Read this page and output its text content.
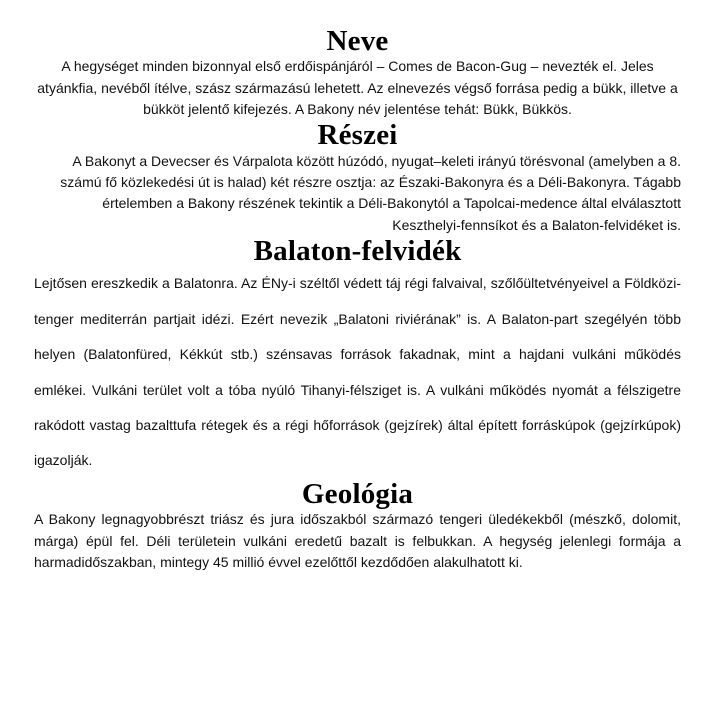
Neve

A hegységet minden bizonnyal első erdőispánjáról – Comes de Bacon-Gug – nevezték el. Jeles atyánkfia, nevéből ítélve, szász származású lehetett. Az elnevezés végső forrása pedig a bükk, illetve a bükköt jelentő kifejezés. A Bakony név jelentése tehát: Bükk, Bükkös.

Részei

A Bakonyt a Devecser és Várpalota között húzódó, nyugat–keleti irányú törésvonal (amelyben a 8. számú fő közlekedési út is halad) két részre osztja: az Északi-Bakonyra és a Déli-Bakonyra. Tágabb értelemben a Bakony részének tekintik a Déli-Bakonytól a Tapolcai-medence által elválasztott Keszthelyi-fennsíkot és a Balaton-felvidéket is.

Balaton-felvidék

Lejtősen ereszkedik a Balatonra. Az ÉNy-i széltől védett táj régi falvaival, szőlőültetvényeivel a Földközi-tenger mediterrán partjait idézi. Ezért nevezik „Balatoni riviérának” is. A Balaton-part szegélyén több helyen (Balatonfüred, Kékkút stb.) szénsavas források fakadnak, mint a hajdani vulkáni működés emlékei. Vulkáni terület volt a tóba nyúló Tihanyi-félsziget is. A vulkáni működés nyomát a félszigetre rakódott vastag bazalttufa rétegek és a régi hőforrások (gejzírek) által épített forráskúpok (gejzírkúpok) igazolják.

Geológia

A Bakony legnagyobbrészt triász és jura időszakból származó tengeri üledékekből (mészkő, dolomit, márga) épül fel. Déli területein vulkáni eredetű bazalt is felbukkan. A hegység jelenlegi formája a harmadidőszakban, mintegy 45 millió évvel ezelőttől kezdődően alakulhatott ki.
